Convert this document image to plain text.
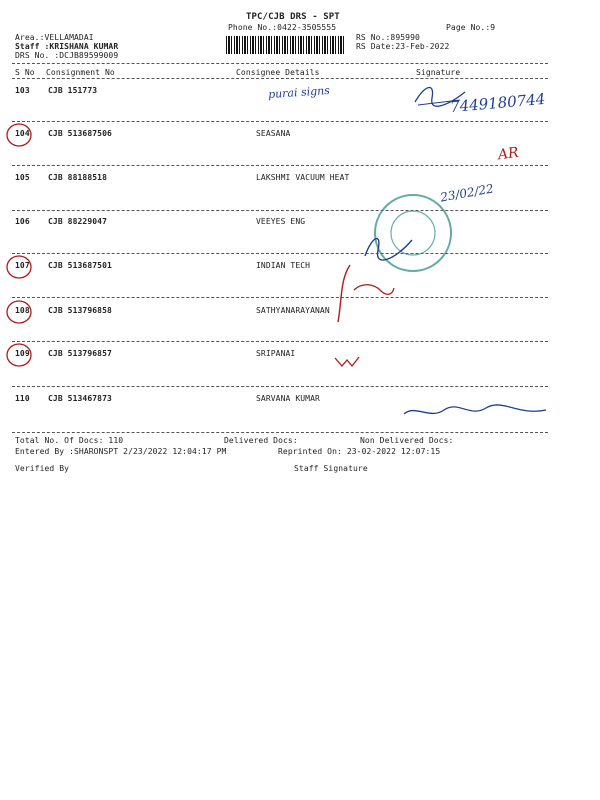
TPC/CJB DRS - SPT
Phone No.:0422-3505555	Page No.:9
Area.:VELLAMADAI
Staff :KRISHANA KUMAR
DRS No. :DCJB89599009
RS No.:895990
RS Date:23-Feb-2022
S No Consignment No	Consignee Details	Signature
103 CJB 151773
104 CJB 513687506	SEASANA
105 CJB 88188518	LAKSHMI VACUUM HEAT
106 CJB 88229047	VEEYES ENG
107 CJB 513687501	INDIAN TECH
108 CJB 513796858	SATHYANARAYANAN
109 CJB 513796857	SRIPANAI
110 CJB 513467873	SARVANA KUMAR
Total No. Of Docs: 110	Delivered Docs:	Non Delivered Docs:
Entered By :SHARONSPT 2/23/2022 12:04:17 PM	Reprinted On: 23-02-2022 12:07:15
Verified By	Staff Signature
purai signs	7449180744
AR
23/02/22
